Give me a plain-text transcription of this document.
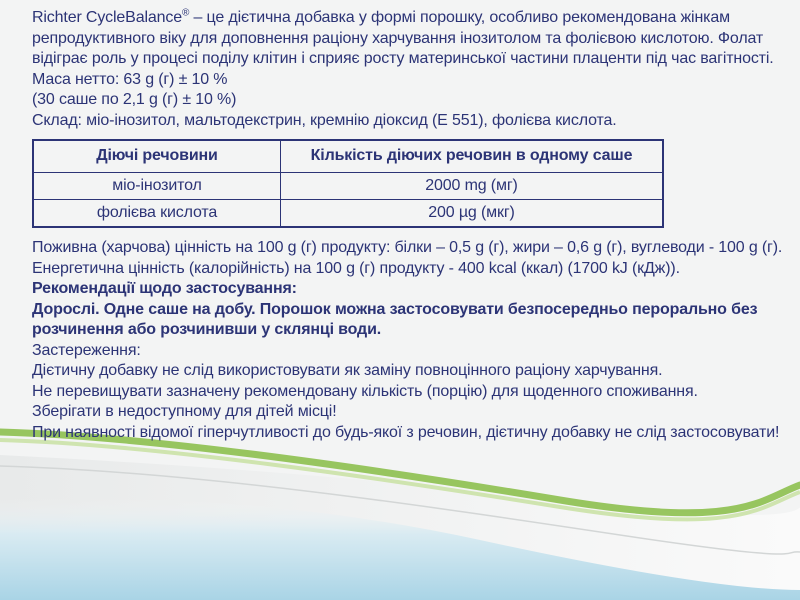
Richter CycleBalance® – це дієтична добавка у формі порошку, особливо рекомендована жінкам
репродуктивного віку для доповнення раціону харчування інозитолом та фолієвою кислотою. Фолат
відіграє роль у процесі поділу клітин і сприяє росту материнської частини плаценти під час вагітності.
Маса нетто: 63 g (г) ± 10 %
(30 саше по 2,1 g (г) ± 10 %)
Склад: міо-інозитол, мальтодекстрин, кремнію діоксид (E 551), фолієва кислота.
Діючі речовини	Кількість діючих речовин в одному саше
міо-інозитол	2000 mg (мг)
фолієва кислота	200 µg (мкг)
Поживна (харчова) цінність на 100 g (г) продукту: білки – 0,5 g (г), жири – 0,6 g (г), вуглеводи - 100 g (г).
Енергетична цінність (калорійність) на 100 g (г) продукту - 400 kcal (ккал) (1700 kJ (кДж)).
Рекомендації щодо застосування:
Дорослі. Одне саше на добу. Порошок можна застосовувати безпосередньо перорально без
розчинення або розчинивши у склянці води.
Застереження:
Дієтичну добавку не слід використовувати як заміну повноцінного раціону харчування.
Не перевищувати зазначену рекомендовану кількість (порцію) для щоденного споживання.
Зберігати в недоступному для дітей місці!
При наявності відомої гіперчутливості до будь-якої з речовин, дієтичну добавку не слід застосовувати!
